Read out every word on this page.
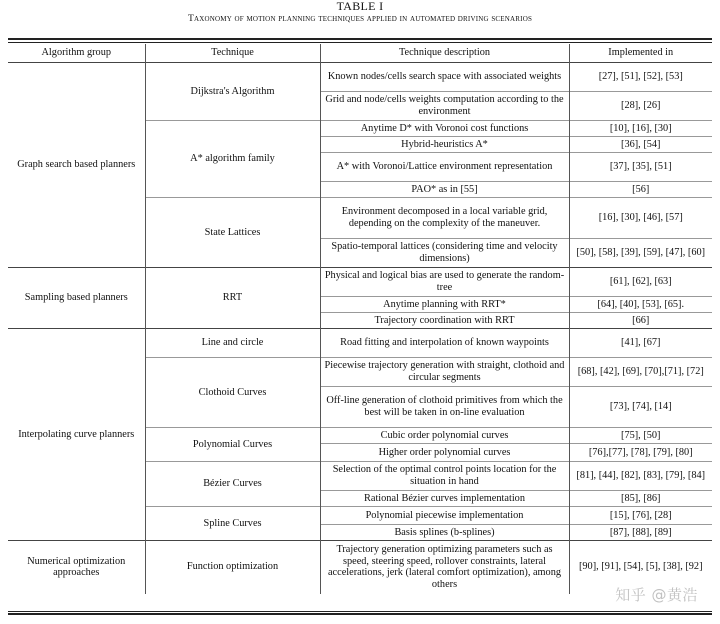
TABLE I
Taxonomy of motion planning techniques applied in automated driving scenarios
Algorithm group	Technique	Technique description	Implemented in
Graph search based planners	Dijkstra's Algorithm	Known nodes/cells search space with associated weights	[27], [51], [52], [53]
		Grid and node/cells weights computation according to the environment	[28], [26]
	A* algorithm family	Anytime D* with Voronoi cost functions	[10], [16], [30]
		Hybrid-heuristics A*	[36], [54]
		A* with Voronoi/Lattice environment representation	[37], [35], [51]
		PAO* as in [55]	[56]
	State Lattices	Environment decomposed in a local variable grid, depending on the complexity of the maneuver.	[16], [30], [46], [57]
		Spatio-temporal lattices (considering time and velocity dimensions)	[50], [58], [39], [59], [47], [60]
Sampling based planners	RRT	Physical and logical bias are used to generate the random-tree	[61], [62], [63]
		Anytime planning with RRT*	[64], [40], [53], [65].
		Trajectory coordination with RRT	[66]
Interpolating curve planners	Line and circle	Road fitting and interpolation of known waypoints	[41], [67]
	Clothoid Curves	Piecewise trajectory generation with straight, clothoid and circular segments	[68], [42], [69], [70],[71], [72]
		Off-line generation of clothoid primitives from which the best will be taken in on-line evaluation	[73], [74], [14]
	Polynomial Curves	Cubic order polynomial curves	[75], [50]
		Higher order polynomial curves	[76],[77], [78], [79], [80]
	Bézier Curves	Selection of the optimal control points location for the situation in hand	[81], [44], [82], [83], [79], [84]
		Rational Bézier curves implementation	[85], [86]
	Spline Curves	Polynomial piecewise implementation	[15], [76], [28]
		Basis splines (b-splines)	[87], [88], [89]
Numerical optimization approaches	Function optimization	Trajectory generation optimizing parameters such as speed, steering speed, rollover constraints, lateral accelerations, jerk (lateral comfort optimization), among others	[90], [91], [54], [5], [38], [92]
知乎 @黄浩
